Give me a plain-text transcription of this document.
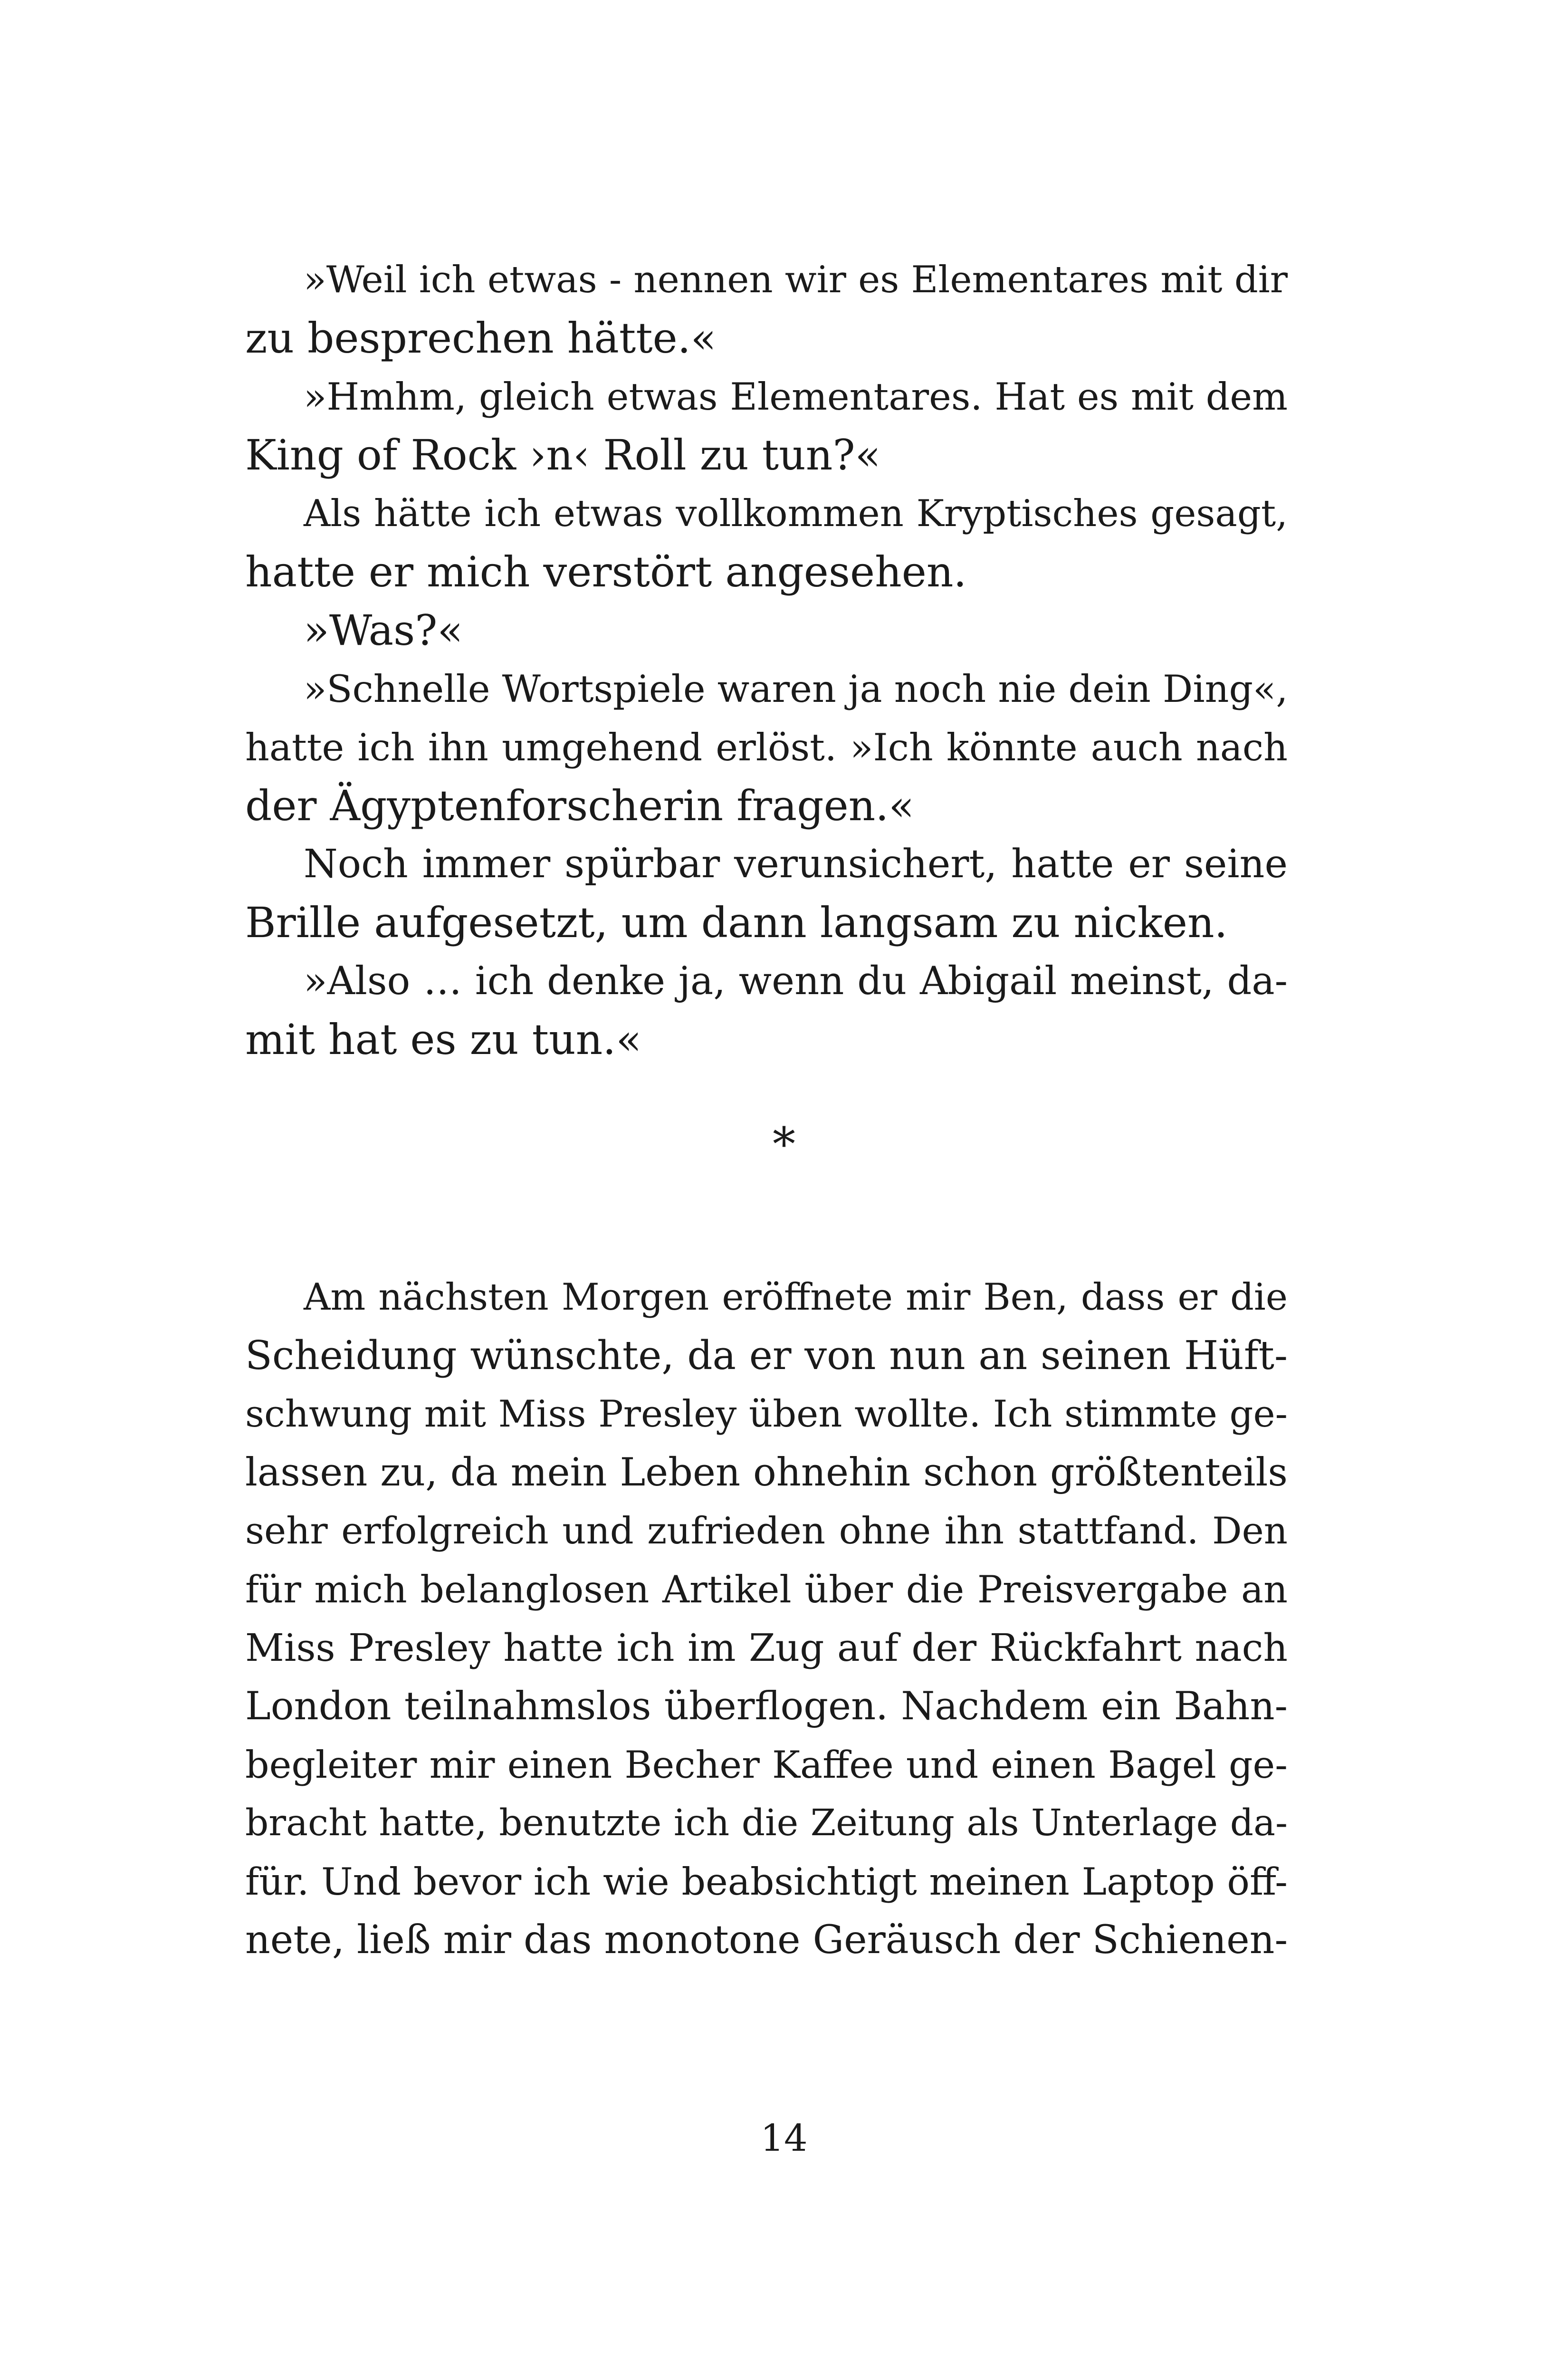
»Weil ich etwas - nennen wir es Elementares mit dir
zu besprechen hätte.«
»Hmhm, gleich etwas Elementares. Hat es mit dem
King of Rock ›n‹ Roll zu tun?«
Als hätte ich etwas vollkommen Kryptisches gesagt,
hatte er mich verstört angesehen.
»Was?«
»Schnelle Wortspiele waren ja noch nie dein Ding«,
hatte ich ihn umgehend erlöst. »Ich könnte auch nach
der Ägyptenforscherin fragen.«
Noch immer spürbar verunsichert, hatte er seine
Brille aufgesetzt, um dann langsam zu nicken.
»Also … ich denke ja, wenn du Abigail meinst, da-
mit hat es zu tun.«
*
Am nächsten Morgen eröffnete mir Ben, dass er die
Scheidung wünschte, da er von nun an seinen Hüft-
schwung mit Miss Presley üben wollte. Ich stimmte ge-
lassen zu, da mein Leben ohnehin schon größtenteils
sehr erfolgreich und zufrieden ohne ihn stattfand. Den
für mich belanglosen Artikel über die Preisvergabe an
Miss Presley hatte ich im Zug auf der Rückfahrt nach
London teilnahmslos überflogen. Nachdem ein Bahn-
begleiter mir einen Becher Kaffee und einen Bagel ge-
bracht hatte, benutzte ich die Zeitung als Unterlage da-
für. Und bevor ich wie beabsichtigt meinen Laptop öff-
nete, ließ mir das monotone Geräusch der Schienen-
14
